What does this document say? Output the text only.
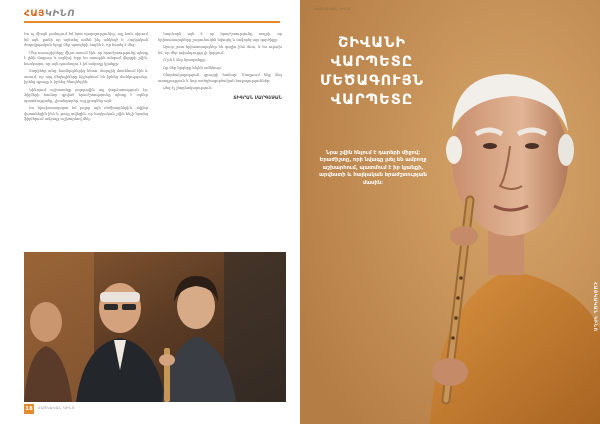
ՀԱՅԿԻՆՈ

Ես ոչ միայն չամաչում եմ նրա պարզությունից, այլ նաև սիրում եմ այն, քանի որ այնտեղ ամեն ինչ անկեղծ է։ Հայկական ժողովրդական երգը մեր պապերի ձայնն է, որ հասել է մեզ։

Մեր ուսուցիչները միշտ ասում էին, որ երաժշտությունը պետք է լինի մաքուր և ազնիվ։ Երբ ես առաջին անգամ վերցրի շվին, հասկացա, որ այն դառնալու է իմ ամբողջ կյանքը։

Տարիներ անց, համերգներից հետո, մարդիկ մոտենում էին և ասում, որ այդ մեղեդիները հիշեցնում են իրենց մանկությունը, իրենց գյուղը և իրենց ծնողներին։

Կինոյում աշխատելը բոլորովին այլ փորձառություն էր։ Ֆիլմերի համար գրված երաժշտությունը պետք է օգներ պատմությանը, չխանգարեր, այլ լրացներ այն։

Ես երախտապարտ եմ բոլոր այն ռեժիսորներին, ովքեր վստահեցին ինձ և թույլ տվեցին, որ հայկական շվին հնչի նրանց ֆիլմերում ամբողջ աշխարհով մեկ։

Կարևորն այն է, որ երաժշտությունը ապրի, որ երիտասարդները շարունակեն նվագել և սովորել այս գործիքը։

Այսօր շատ երիտասարդներ են գալիս ինձ մոտ, և ես ուրախ եմ, որ մեր ավանդույթը չի կորչում։

Ո՞րն է ձեր երազանքը։

Որ մեր երգերը հնչեն ամենուր։

Շնորհակալություն զրույցի համար։ Մաղթում ենք ձեզ առողջություն և նոր ստեղծագործական հաջողություններ։

Ձեզ էլ շնորհակալություն։

ՏԻԳՐԱՆ ՍԱՐԳՍՅԱՆ
18	ՀԱՅԿԱԿԱՆ ԿԻՆՈ
ՀԱՅԿԱԿԱՆ ԿԻՆՈ
ՇԻՎԱՆԻ ՎԱՐՊԵՏԸ
ՄԵԾԱԳՈՒՅՆ
ՎԱՐՊԵՏԸ
Նրա շվին հնչում է դարերի միջով։ Երաժիշտը, որի նվագը լսել են ամբողջ աշխարհում, պատմում է իր կյանքի, արվեստի և հայկական երաժշտության մասին։
ՀԱՅԿԱԿԱՆ ԿԻՆՈ
